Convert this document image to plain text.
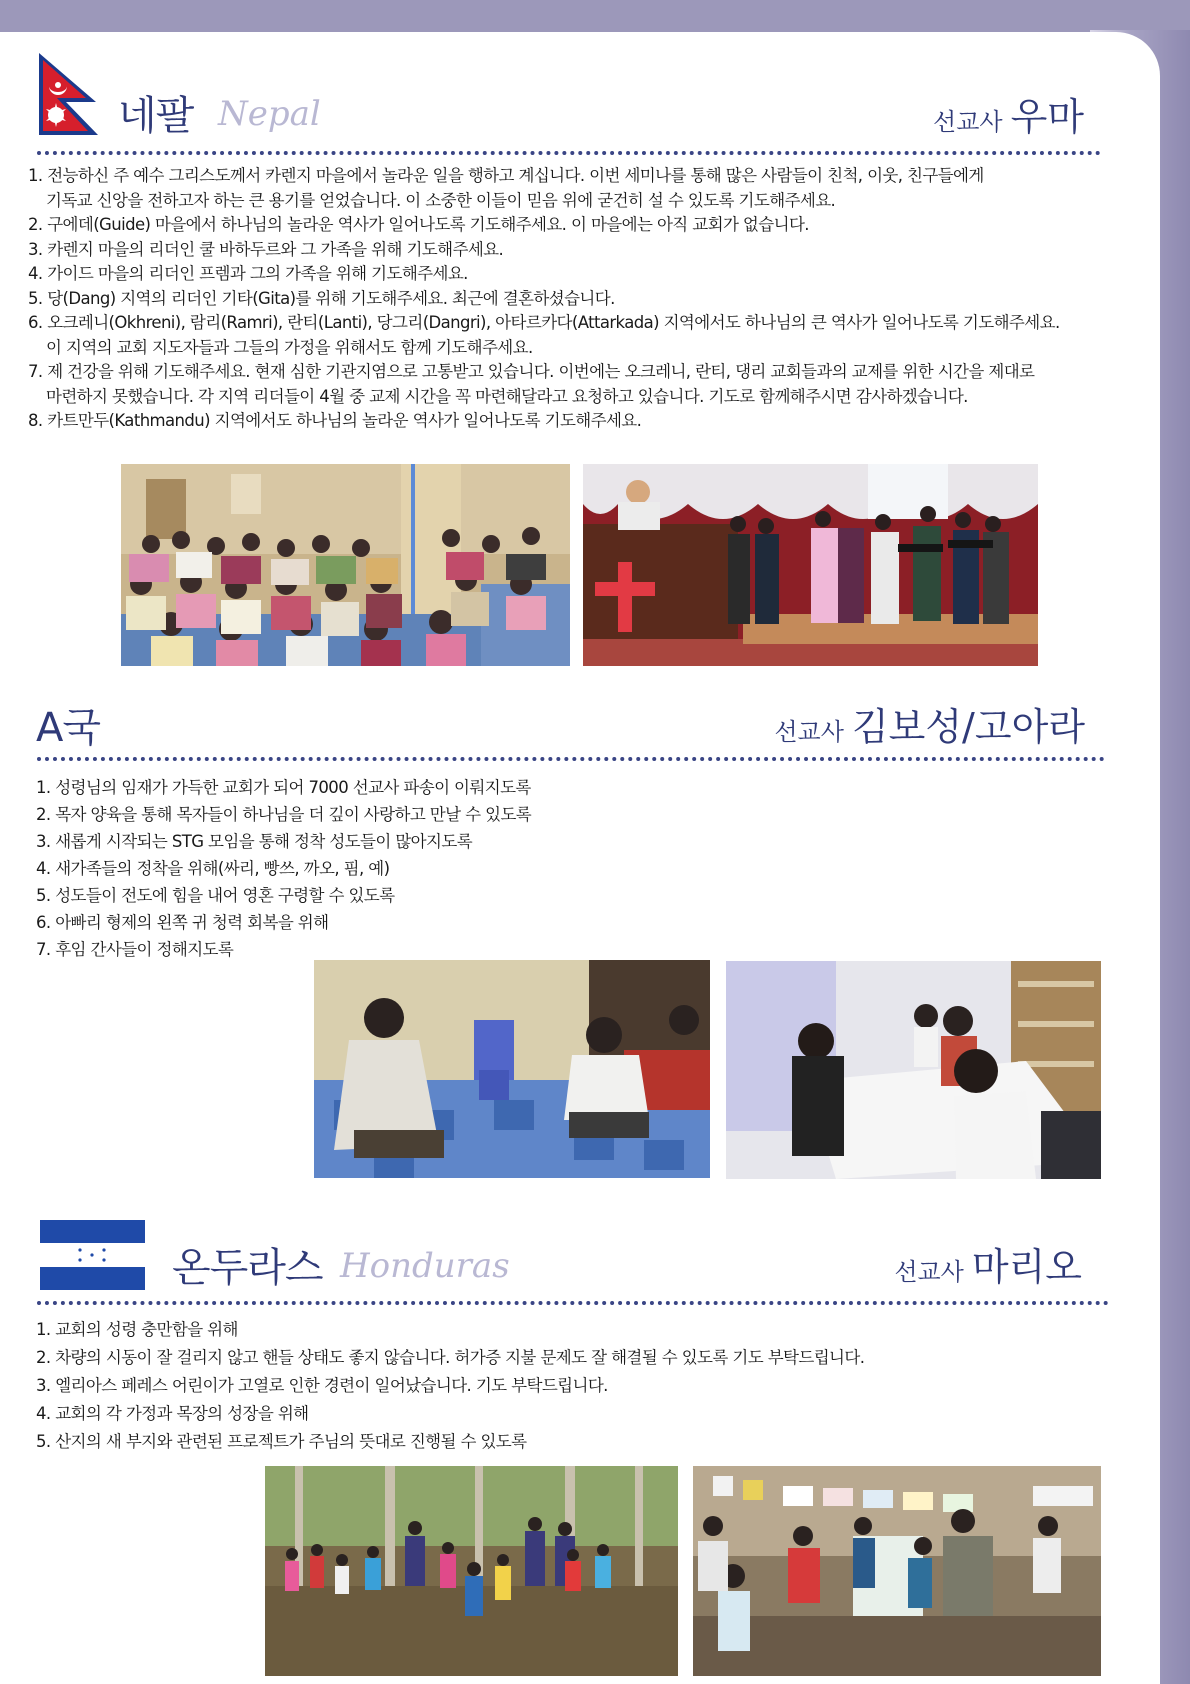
네팔 Nepal	선교사 우마
1. 전능하신 주 예수 그리스도께서 카렌지 마을에서 놀라운 일을 행하고 계십니다. 이번 세미나를 통해 많은 사람들이 친척, 이웃, 친구들에게
기독교 신앙을 전하고자 하는 큰 용기를 얻었습니다. 이 소중한 이들이 믿음 위에 굳건히 설 수 있도록 기도해주세요.
2. 구에데(Guide) 마을에서 하나님의 놀라운 역사가 일어나도록 기도해주세요. 이 마을에는 아직 교회가 없습니다.
3. 카렌지 마을의 리더인 쿨 바하두르와 그 가족을 위해 기도해주세요.
4. 가이드 마을의 리더인 프렘과 그의 가족을 위해 기도해주세요.
5. 당(Dang) 지역의 리더인 기타(Gita)를 위해 기도해주세요. 최근에 결혼하셨습니다.
6. 오크레니(Okhreni), 람리(Ramri), 란티(Lanti), 당그리(Dangri), 아타르카다(Attarkada) 지역에서도 하나님의 큰 역사가 일어나도록 기도해주세요.
이 지역의 교회 지도자들과 그들의 가정을 위해서도 함께 기도해주세요.
7. 제 건강을 위해 기도해주세요. 현재 심한 기관지염으로 고통받고 있습니다. 이번에는 오크레니, 란티, 댕리 교회들과의 교제를 위한 시간을 제대로
마련하지 못했습니다. 각 지역 리더들이 4월 중 교제 시간을 꼭 마련해달라고 요청하고 있습니다. 기도로 함께해주시면 감사하겠습니다.
8. 카트만두(Kathmandu) 지역에서도 하나님의 놀라운 역사가 일어나도록 기도해주세요.
A국	선교사 김보성/고아라
1. 성령님의 임재가 가득한 교회가 되어 7000 선교사 파송이 이뤄지도록
2. 목자 양육을 통해 목자들이 하나님을 더 깊이 사랑하고 만날 수 있도록
3. 새롭게 시작되는 STG 모임을 통해 정착 성도들이 많아지도록
4. 새가족들의 정착을 위해(싸리, 빵쓰, 까오, 핌, 예)
5. 성도들이 전도에 힘을 내어 영혼 구령할 수 있도록
6. 아빠리 형제의 왼쪽 귀 청력 회복을 위해
7. 후임 간사들이 정해지도록
온두라스 Honduras	선교사 마리오
1. 교회의 성령 충만함을 위해
2. 차량의 시동이 잘 걸리지 않고 핸들 상태도 좋지 않습니다. 허가증 지불 문제도 잘 해결될 수 있도록 기도 부탁드립니다.
3. 엘리아스 페레스 어린이가 고열로 인한 경련이 일어났습니다. 기도 부탁드립니다.
4. 교회의 각 가정과 목장의 성장을 위해
5. 산지의 새 부지와 관련된 프로젝트가 주님의 뜻대로 진행될 수 있도록
